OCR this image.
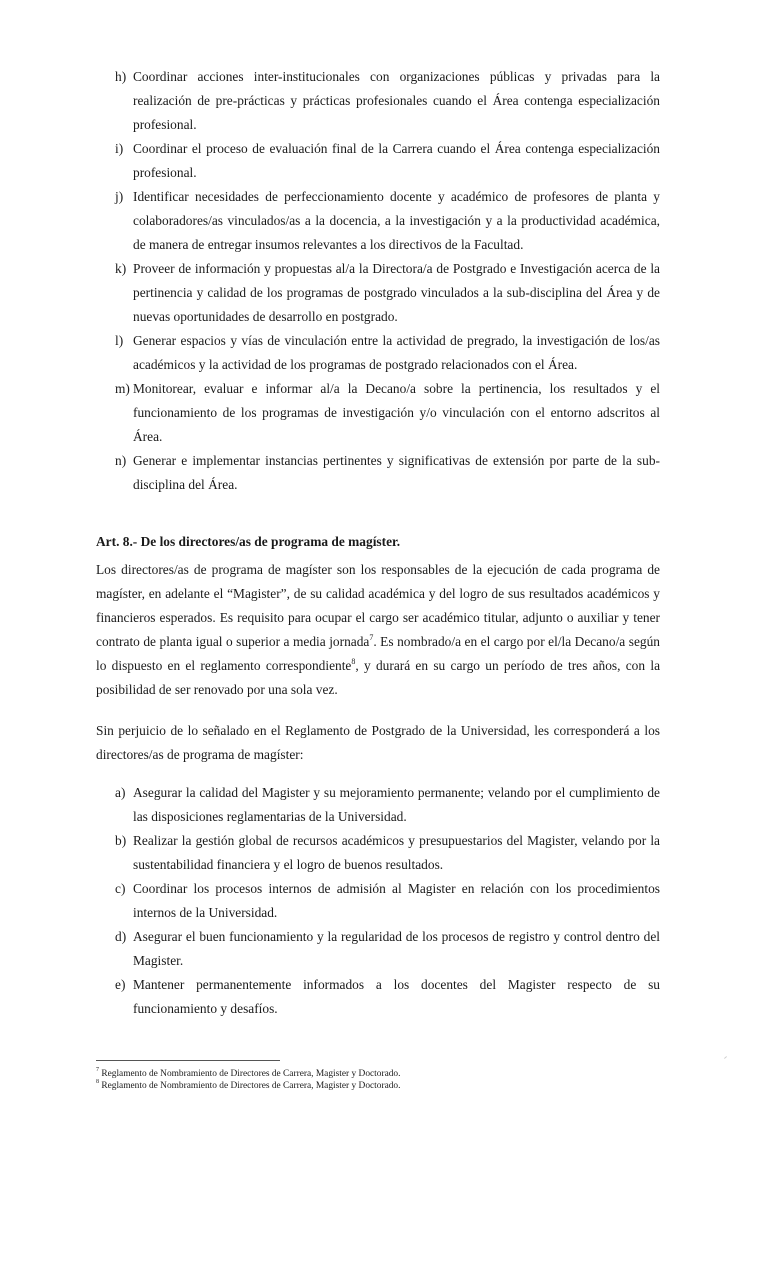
h) Coordinar acciones inter-institucionales con organizaciones públicas y privadas para la realización de pre-prácticas y prácticas profesionales cuando el Área contenga especialización profesional.
i) Coordinar el proceso de evaluación final de la Carrera cuando el Área contenga especialización profesional.
j) Identificar necesidades de perfeccionamiento docente y académico de profesores de planta y colaboradores/as vinculados/as a la docencia, a la investigación y a la productividad académica, de manera de entregar insumos relevantes a los directivos de la Facultad.
k) Proveer de información y propuestas al/a la Directora/a de Postgrado e Investigación acerca de la pertinencia y calidad de los programas de postgrado vinculados a la sub-disciplina del Área y de nuevas oportunidades de desarrollo en postgrado.
l) Generar espacios y vías de vinculación entre la actividad de pregrado, la investigación de los/as académicos y la actividad de los programas de postgrado relacionados con el Área.
m) Monitorear, evaluar e informar al/a la Decano/a sobre la pertinencia, los resultados y el funcionamiento de los programas de investigación y/o vinculación con el entorno adscritos al Área.
n) Generar e implementar instancias pertinentes y significativas de extensión por parte de la sub-disciplina del Área.
Art. 8.- De los directores/as de programa de magíster.

Los directores/as de programa de magíster son los responsables de la ejecución de cada programa de magíster, en adelante el “Magister”, de su calidad académica y del logro de sus resultados académicos y financieros esperados. Es requisito para ocupar el cargo ser académico titular, adjunto o auxiliar y tener contrato de planta igual o superior a media jornada$^7$. Es nombrado/a en el cargo por el/la Decano/a según lo dispuesto en el reglamento correspondiente$^8$, y durará en su cargo un período de tres años, con la posibilidad de ser renovado por una sola vez.

Sin perjuicio de lo señalado en el Reglamento de Postgrado de la Universidad, les corresponderá a los directores/as de programa de magíster:

a) Asegurar la calidad del Magister y su mejoramiento permanente; velando por el cumplimiento de las disposiciones reglamentarias de la Universidad.
b) Realizar la gestión global de recursos académicos y presupuestarios del Magister, velando por la sustentabilidad financiera y el logro de buenos resultados.
c) Coordinar los procesos internos de admisión al Magister en relación con los procedimientos internos de la Universidad.
d) Asegurar el buen funcionamiento y la regularidad de los procesos de registro y control dentro del Magister.
e) Mantener permanentemente informados a los docentes del Magister respecto de su funcionamiento y desafíos.
$^7$ Reglamento de Nombramiento de Directores de Carrera, Magister y Doctorado.
$^8$ Reglamento de Nombramiento de Directores de Carrera, Magister y Doctorado.
